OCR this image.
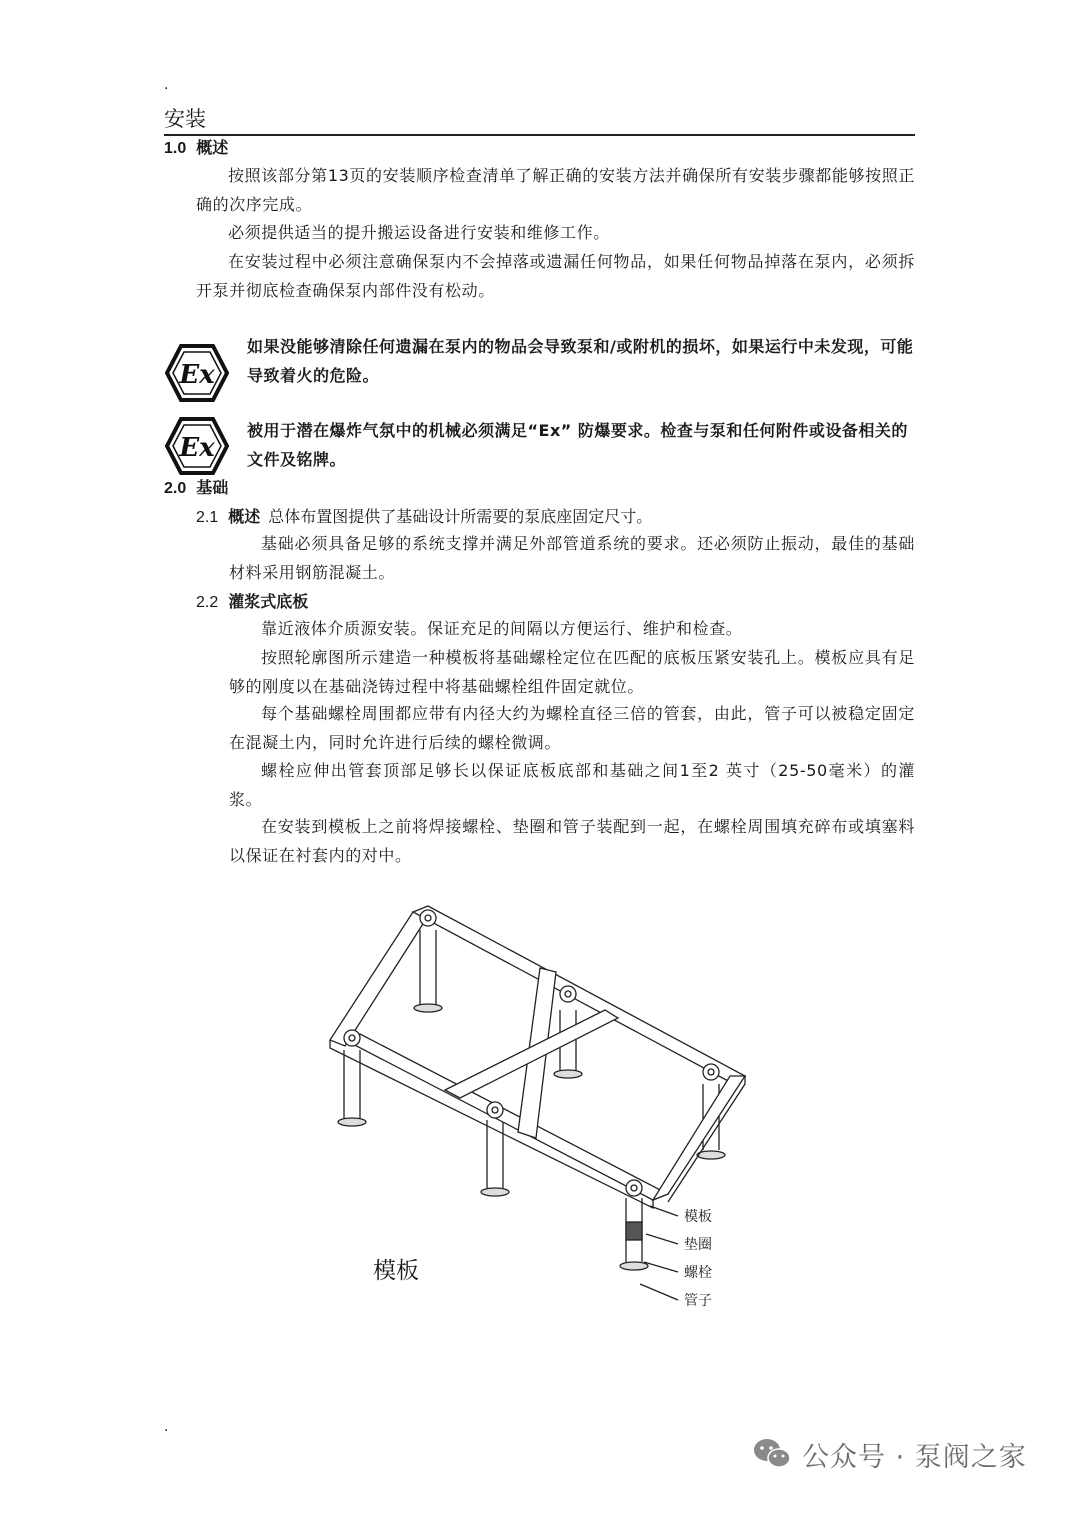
·
安装
1.0 概述
按照该部分第13页的安装顺序检查清单了解正确的安装方法并确保所有安装步骤都能够按照正确的次序完成。
必须提供适当的提升搬运设备进行安装和维修工作。
在安装过程中必须注意确保泵内不会掉落或遗漏任何物品，如果任何物品掉落在泵内，必须拆开泵并彻底检查确保泵内部件没有松动。
Ex
如果没能够清除任何遗漏在泵内的物品会导致泵和/或附机的损坏，如果运行中未发现，可能导致着火的危险。
Ex
被用于潜在爆炸气氛中的机械必须满足“Ex” 防爆要求。检查与泵和任何附件或设备相关的文件及铭牌。
2.0 基础
2.1 概述 总体布置图提供了基础设计所需要的泵底座固定尺寸。
基础必须具备足够的系统支撑并满足外部管道系统的要求。还必须防止振动，最佳的基础材料采用钢筋混凝土。
2.2 灌浆式底板
靠近液体介质源安装。保证充足的间隔以方便运行、维护和检查。
按照轮廓图所示建造一种模板将基础螺栓定位在匹配的底板压紧安装孔上。模板应具有足够的刚度以在基础浇铸过程中将基础螺栓组件固定就位。
每个基础螺栓周围都应带有内径大约为螺栓直径三倍的管套，由此，管子可以被稳定固定在混凝土内，同时允许进行后续的螺栓微调。
螺栓应伸出管套顶部足够长以保证底板底部和基础之间1至2 英寸（25-50毫米）的灌浆。
在安装到模板上之前将焊接螺栓、垫圈和管子装配到一起，在螺栓周围填充碎布或填塞料以保证在衬套内的对中。
模板
垫圈
螺栓
管子
模板
·
公众号 · 泵阀之家
